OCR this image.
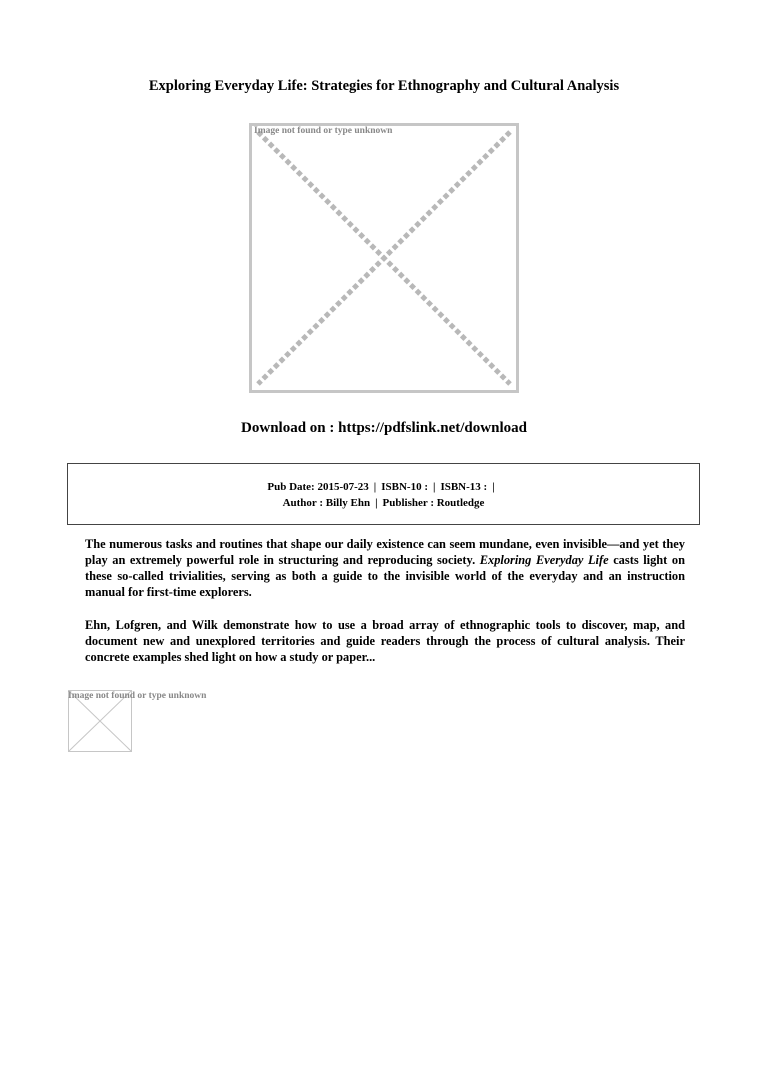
Exploring Everyday Life: Strategies for Ethnography and Cultural Analysis
Image not found or type unknown
Download on : https://pdfslink.net/download
Pub Date: 2015-07-23 | ISBN-10 : | ISBN-13 : |
Author : Billy Ehn | Publisher : Routledge

The numerous tasks and routines that shape our daily existence can seem mundane, even invisible—and yet they play an extremely powerful role in structuring and reproducing society. Exploring Everyday Life casts light on these so-called trivialities, serving as both a guide to the invisible world of the everyday and an instruction manual for first-time explorers.

Ehn, Lofgren, and Wilk demonstrate how to use a broad array of ethnographic tools to discover, map, and document new and unexplored territories and guide readers through the process of cultural analysis. Their concrete examples shed light on how a study or paper...

Image not found or type unknown
